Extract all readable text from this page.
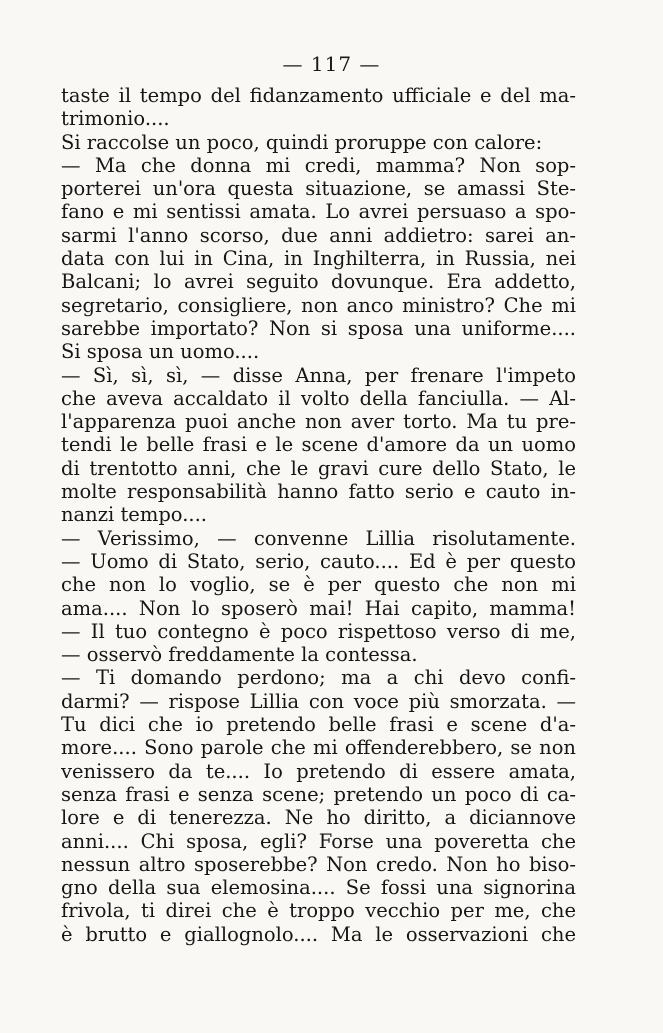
— 117 —
taste il tempo del fidanzamento ufficiale e del ma-
trimonio....
Si raccolse un poco, quindi proruppe con calore:
— Ma che donna mi credi, mamma? Non sop-
porterei un'ora questa situazione, se amassi Ste-
fano e mi sentissi amata. Lo avrei persuaso a spo-
sarmi l'anno scorso, due anni addietro: sarei an-
data con lui in Cina, in Inghilterra, in Russia, nei
Balcani; lo avrei seguito dovunque. Era addetto,
segretario, consigliere, non anco ministro? Che mi
sarebbe importato? Non si sposa una uniforme....
Si sposa un uomo....
— Sì, sì, sì, — disse Anna, per frenare l'impeto
che aveva accaldato il volto della fanciulla. — Al-
l'apparenza puoi anche non aver torto. Ma tu pre-
tendi le belle frasi e le scene d'amore da un uomo
di trentotto anni, che le gravi cure dello Stato, le
molte responsabilità hanno fatto serio e cauto in-
nanzi tempo....
— Verissimo, — convenne Lillia risolutamente.
— Uomo di Stato, serio, cauto.... Ed è per questo
che non lo voglio, se è per questo che non mi
ama.... Non lo sposerò mai! Hai capito, mamma!
— Il tuo contegno è poco rispettoso verso di me,
— osservò freddamente la contessa.
— Ti domando perdono; ma a chi devo confi-
darmi? — rispose Lillia con voce più smorzata. —
Tu dici che io pretendo belle frasi e scene d'a-
more.... Sono parole che mi offenderebbero, se non
venissero da te.... Io pretendo di essere amata,
senza frasi e senza scene; pretendo un poco di ca-
lore e di tenerezza. Ne ho diritto, a diciannove
anni.... Chi sposa, egli? Forse una poveretta che
nessun altro sposerebbe? Non credo. Non ho biso-
gno della sua elemosina.... Se fossi una signorina
frivola, ti direi che è troppo vecchio per me, che
è brutto e giallognolo.... Ma le osservazioni che
